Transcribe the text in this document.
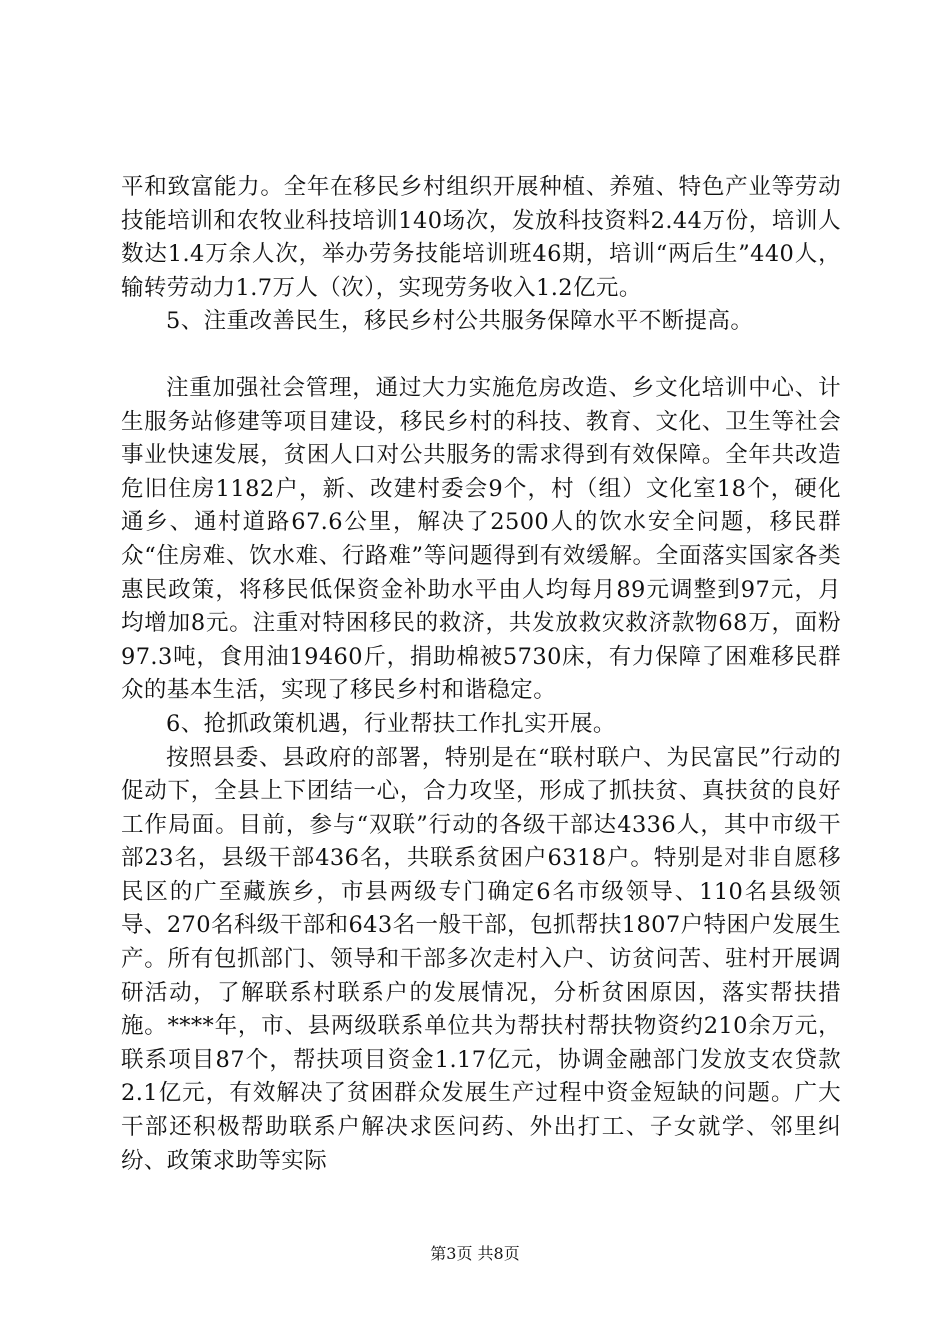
平和致富能力。全年在移民乡村组织开展种植、养殖、特色产业等劳动技能培训和农牧业科技培训140场次，发放科技资料2.44万份，培训人数达1.4万余人次，举办劳务技能培训班46期，培训“两后生”440人，输转劳动力1.7万人（次），实现劳务收入1.2亿元。

5、注重改善民生，移民乡村公共服务保障水平不断提高。

注重加强社会管理，通过大力实施危房改造、乡文化培训中心、计生服务站修建等项目建设，移民乡村的科技、教育、文化、卫生等社会事业快速发展，贫困人口对公共服务的需求得到有效保障。全年共改造危旧住房1182户，新、改建村委会9个，村（组）文化室18个，硬化通乡、通村道路67.6公里，解决了2500人的饮水安全问题，移民群众“住房难、饮水难、行路难”等问题得到有效缓解。全面落实国家各类惠民政策，将移民低保资金补助水平由人均每月89元调整到97元，月均增加8元。注重对特困移民的救济，共发放救灾救济款物68万，面粉97.3吨，食用油19460斤，捐助棉被5730床，有力保障了困难移民群众的基本生活，实现了移民乡村和谐稳定。

6、抢抓政策机遇，行业帮扶工作扎实开展。

按照县委、县政府的部署，特别是在“联村联户、为民富民”行动的促动下，全县上下团结一心，合力攻坚，形成了抓扶贫、真扶贫的良好工作局面。目前，参与“双联”行动的各级干部达4336人，其中市级干部23名，县级干部436名，共联系贫困户6318户。特别是对非自愿移民区的广至藏族乡，市县两级专门确定6名市级领导、110名县级领导、270名科级干部和643名一般干部，包抓帮扶1807户特困户发展生产。所有包抓部门、领导和干部多次走村入户、访贫问苦、驻村开展调研活动，了解联系村联系户的发展情况，分析贫困原因，落实帮扶措施。****年，市、县两级联系单位共为帮扶村帮扶物资约210余万元，联系项目87个，帮扶项目资金1.17亿元，协调金融部门发放支农贷款2.1亿元，有效解决了贫困群众发展生产过程中资金短缺的问题。广大干部还积极帮助联系户解决求医问药、外出打工、子女就学、邻里纠纷、政策求助等实际

第3页 共8页
